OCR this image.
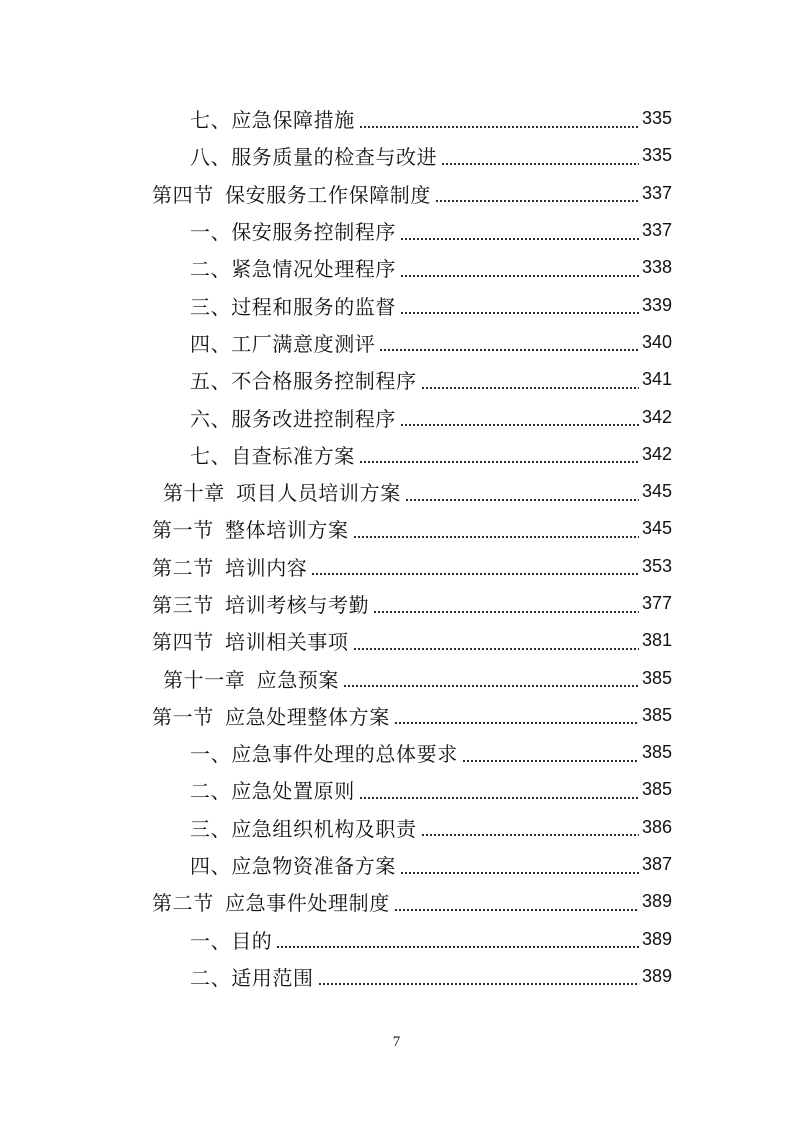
七、应急保障措施	335
八、服务质量的检查与改进	335
第四节  保安服务工作保障制度	337
一、保安服务控制程序	337
二、紧急情况处理程序	338
三、过程和服务的监督	339
四、工厂满意度测评	340
五、不合格服务控制程序	341
六、服务改进控制程序	342
七、自查标准方案	342
第十章  项目人员培训方案	345
第一节  整体培训方案	345
第二节  培训内容	353
第三节  培训考核与考勤	377
第四节  培训相关事项	381
第十一章  应急预案	385
第一节  应急处理整体方案	385
一、应急事件处理的总体要求	385
二、应急处置原则	385
三、应急组织机构及职责	386
四、应急物资准备方案	387
第二节  应急事件处理制度	389
一、目的	389
二、适用范围	389
7
